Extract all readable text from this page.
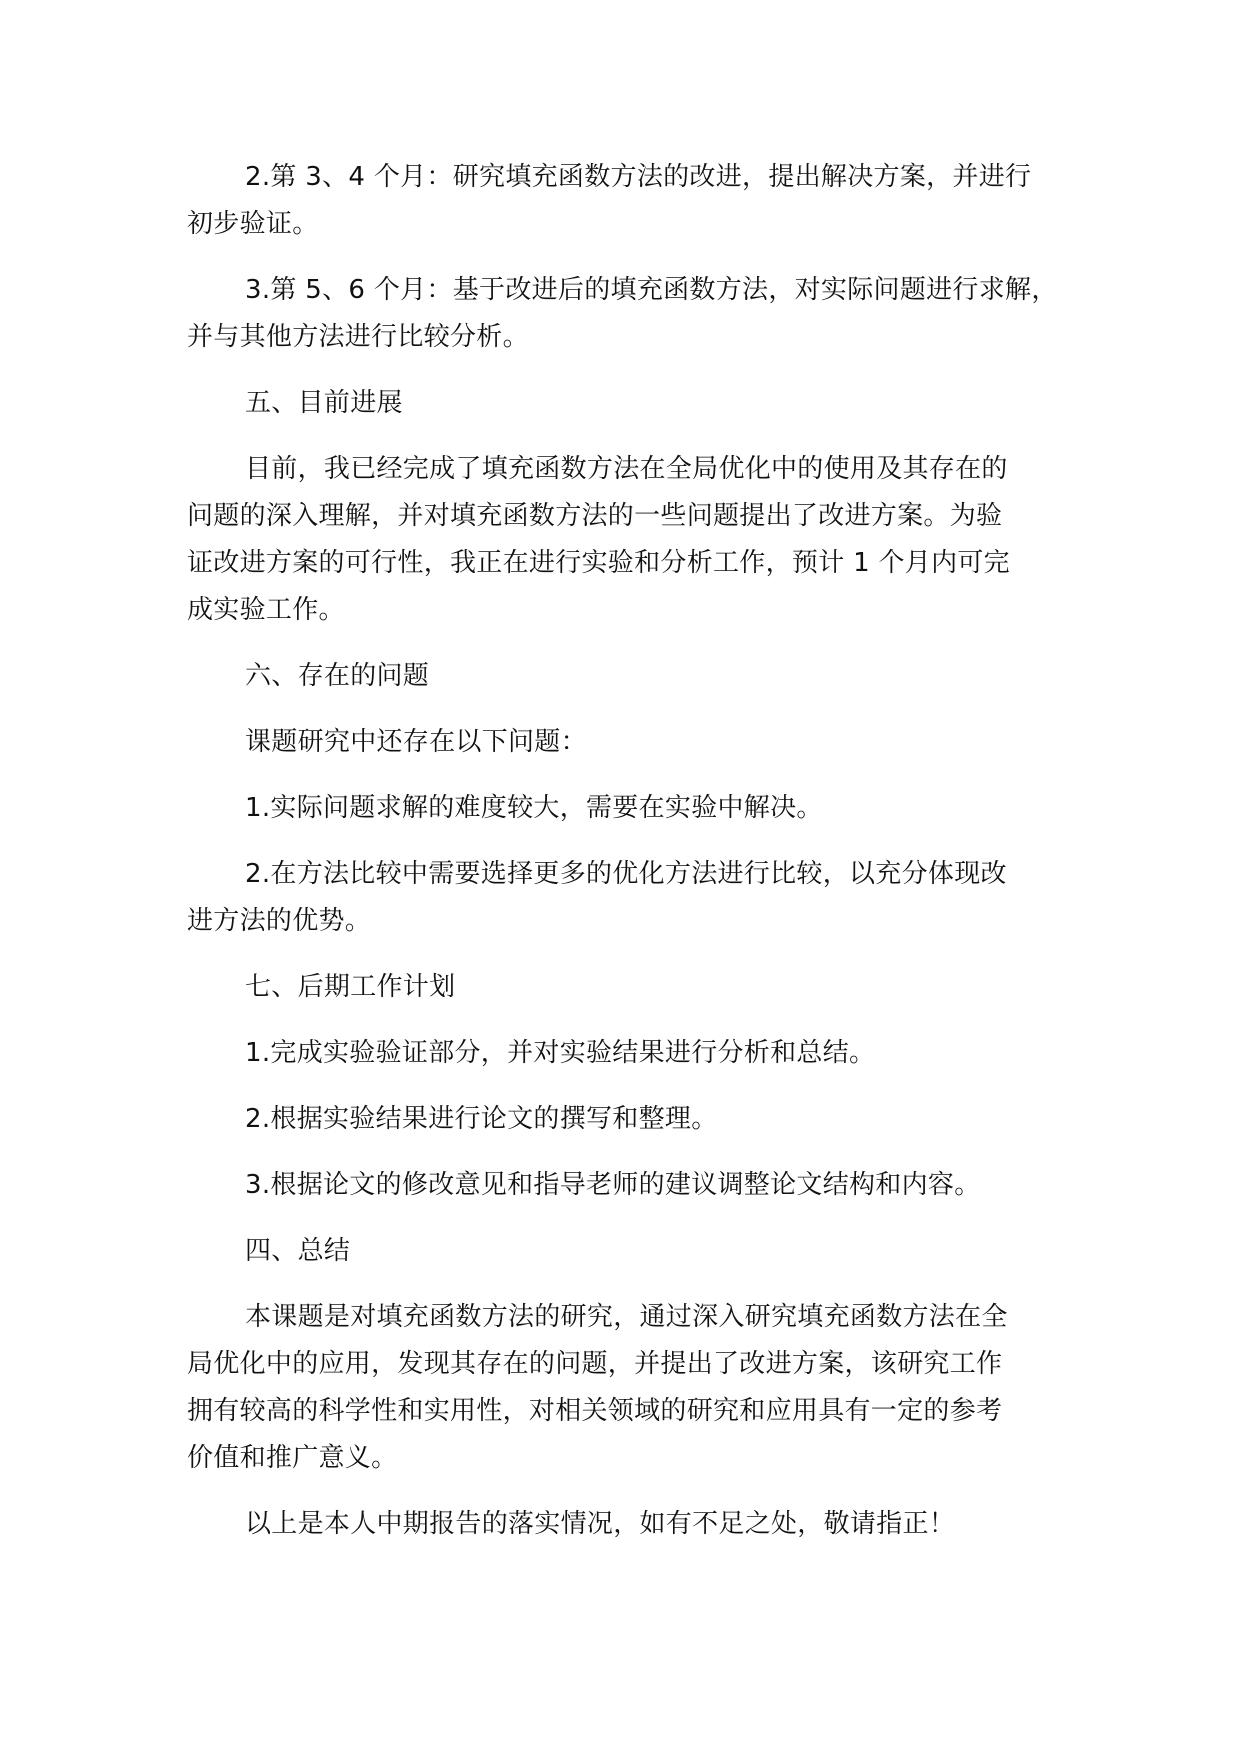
2.第 3、4 个月：研究填充函数方法的改进，提出解决方案，并进行
初步验证。

3.第 5、6 个月：基于改进后的填充函数方法，对实际问题进行求解，
并与其他方法进行比较分析。

五、目前进展

目前，我已经完成了填充函数方法在全局优化中的使用及其存在的
问题的深入理解，并对填充函数方法的一些问题提出了改进方案。为验
证改进方案的可行性，我正在进行实验和分析工作，预计 1 个月内可完
成实验工作。

六、存在的问题

课题研究中还存在以下问题：

1.实际问题求解的难度较大，需要在实验中解决。

2.在方法比较中需要选择更多的优化方法进行比较，以充分体现改
进方法的优势。

七、后期工作计划

1.完成实验验证部分，并对实验结果进行分析和总结。

2.根据实验结果进行论文的撰写和整理。

3.根据论文的修改意见和指导老师的建议调整论文结构和内容。

四、总结

本课题是对填充函数方法的研究，通过深入研究填充函数方法在全
局优化中的应用，发现其存在的问题，并提出了改进方案，该研究工作
拥有较高的科学性和实用性，对相关领域的研究和应用具有一定的参考
价值和推广意义。

以上是本人中期报告的落实情况，如有不足之处，敬请指正！
